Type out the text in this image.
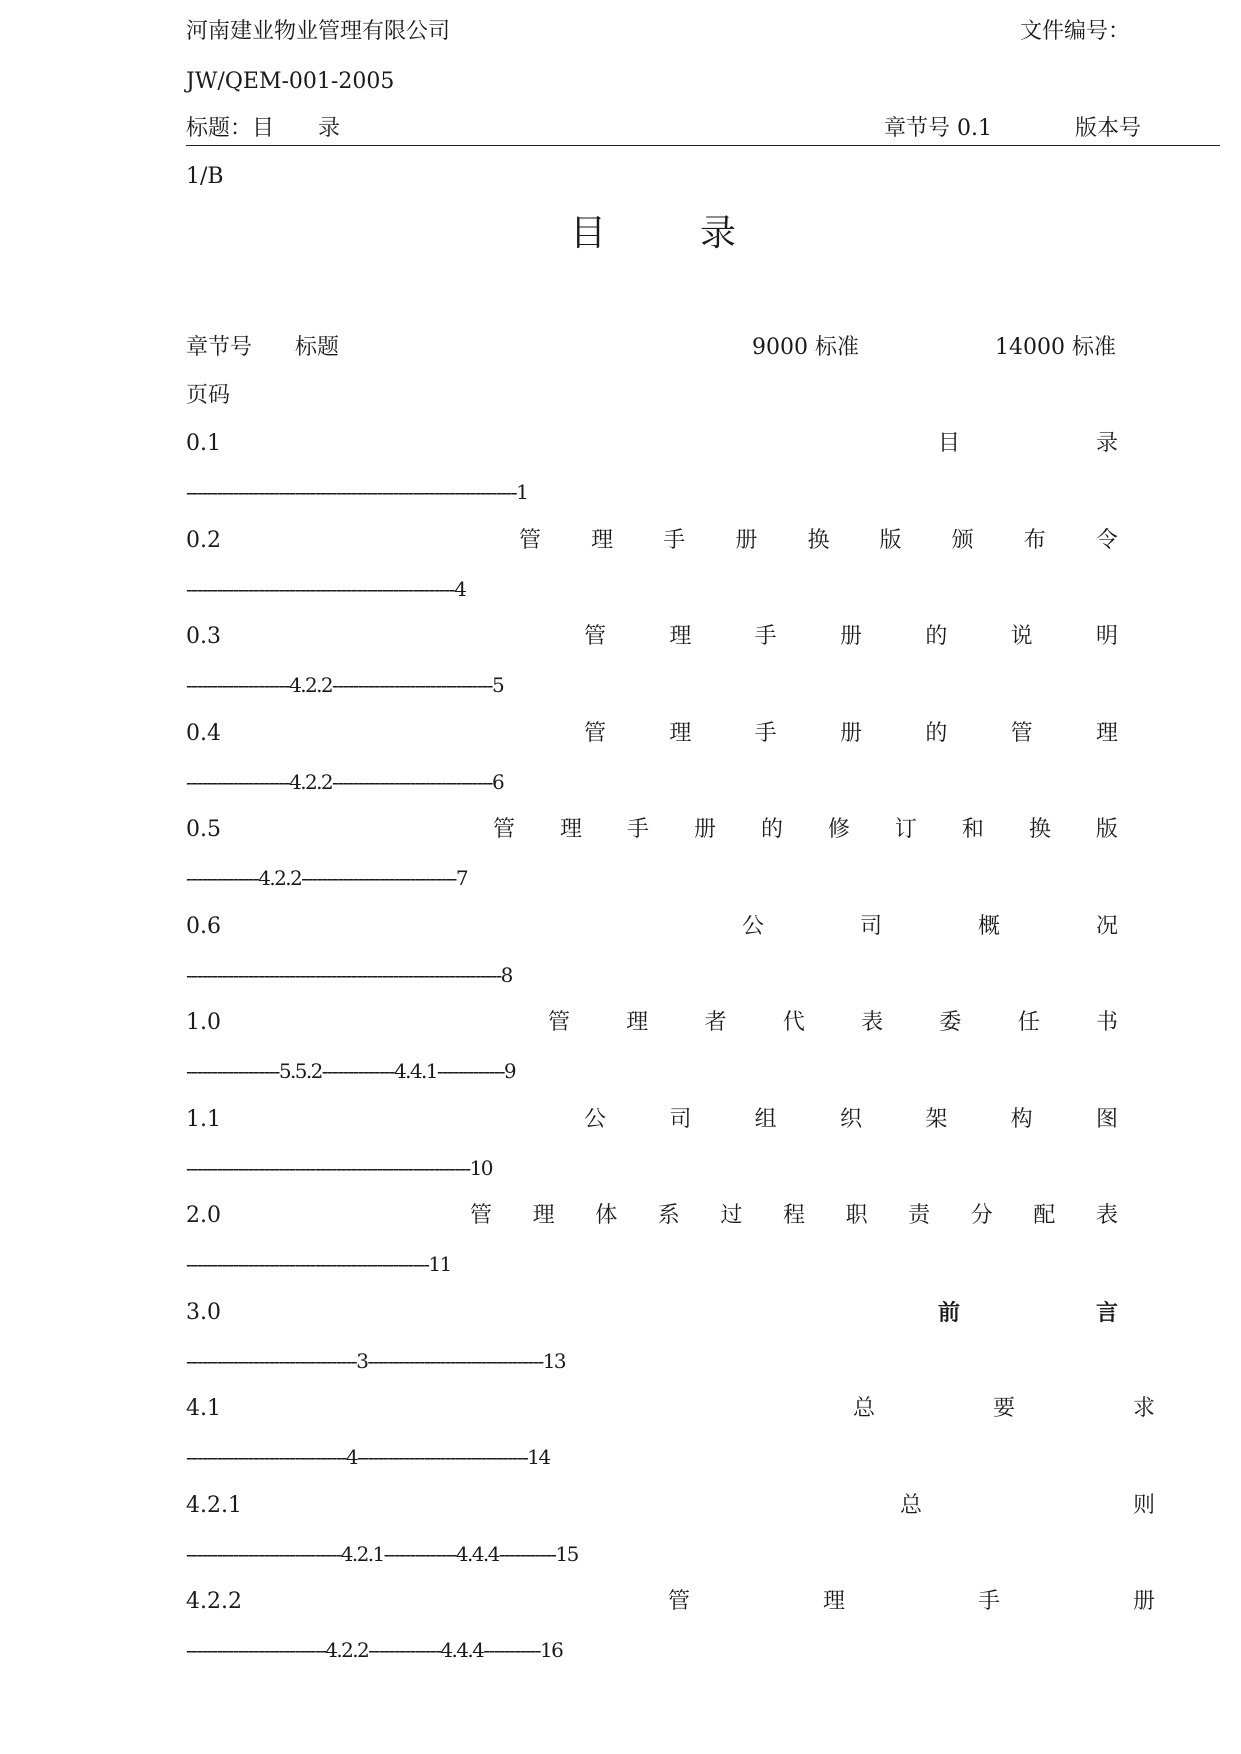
河南建业物业管理有限公司	文件编号：
JW/QEM-001-2005
标题：目　　录	章节号 0.1	版本号
1/B
目	录
章节号 标题	9000 标准	14000 标准
页码
0.1	目	录
----------------------------------------------------------------1
0.2	管 理 手 册 换 版 颁 布 令
----------------------------------------------------4
0.3	管	理	手	册	的	说	明
--------------------4.2.2-------------------------------5
0.4	管	理	手	册	的	管	理
--------------------4.2.2-------------------------------6
0.5	管 理 手 册 的 修 订 和 换 版
--------------4.2.2------------------------------7
0.6	公	司	概	况
-------------------------------------------------------------8
1.0	管	理	者	代	表	委	任	书
------------------5.5.2--------------4.4.1-------------9
1.1	公	司	组	织	架	构	图
-------------------------------------------------------10
2.0	管 理 体 系 过 程 职 责 分 配 表
-----------------------------------------------11
3.0	前	言
---------------------------------3----------------------------------13
4.1	总	要	求
-------------------------------4---------------------------------14
4.2.1	总	则
------------------------------4.2.1--------------4.4.4-----------15
4.2.2	管	理	手	册
---------------------------4.2.2--------------4.4.4-----------16
